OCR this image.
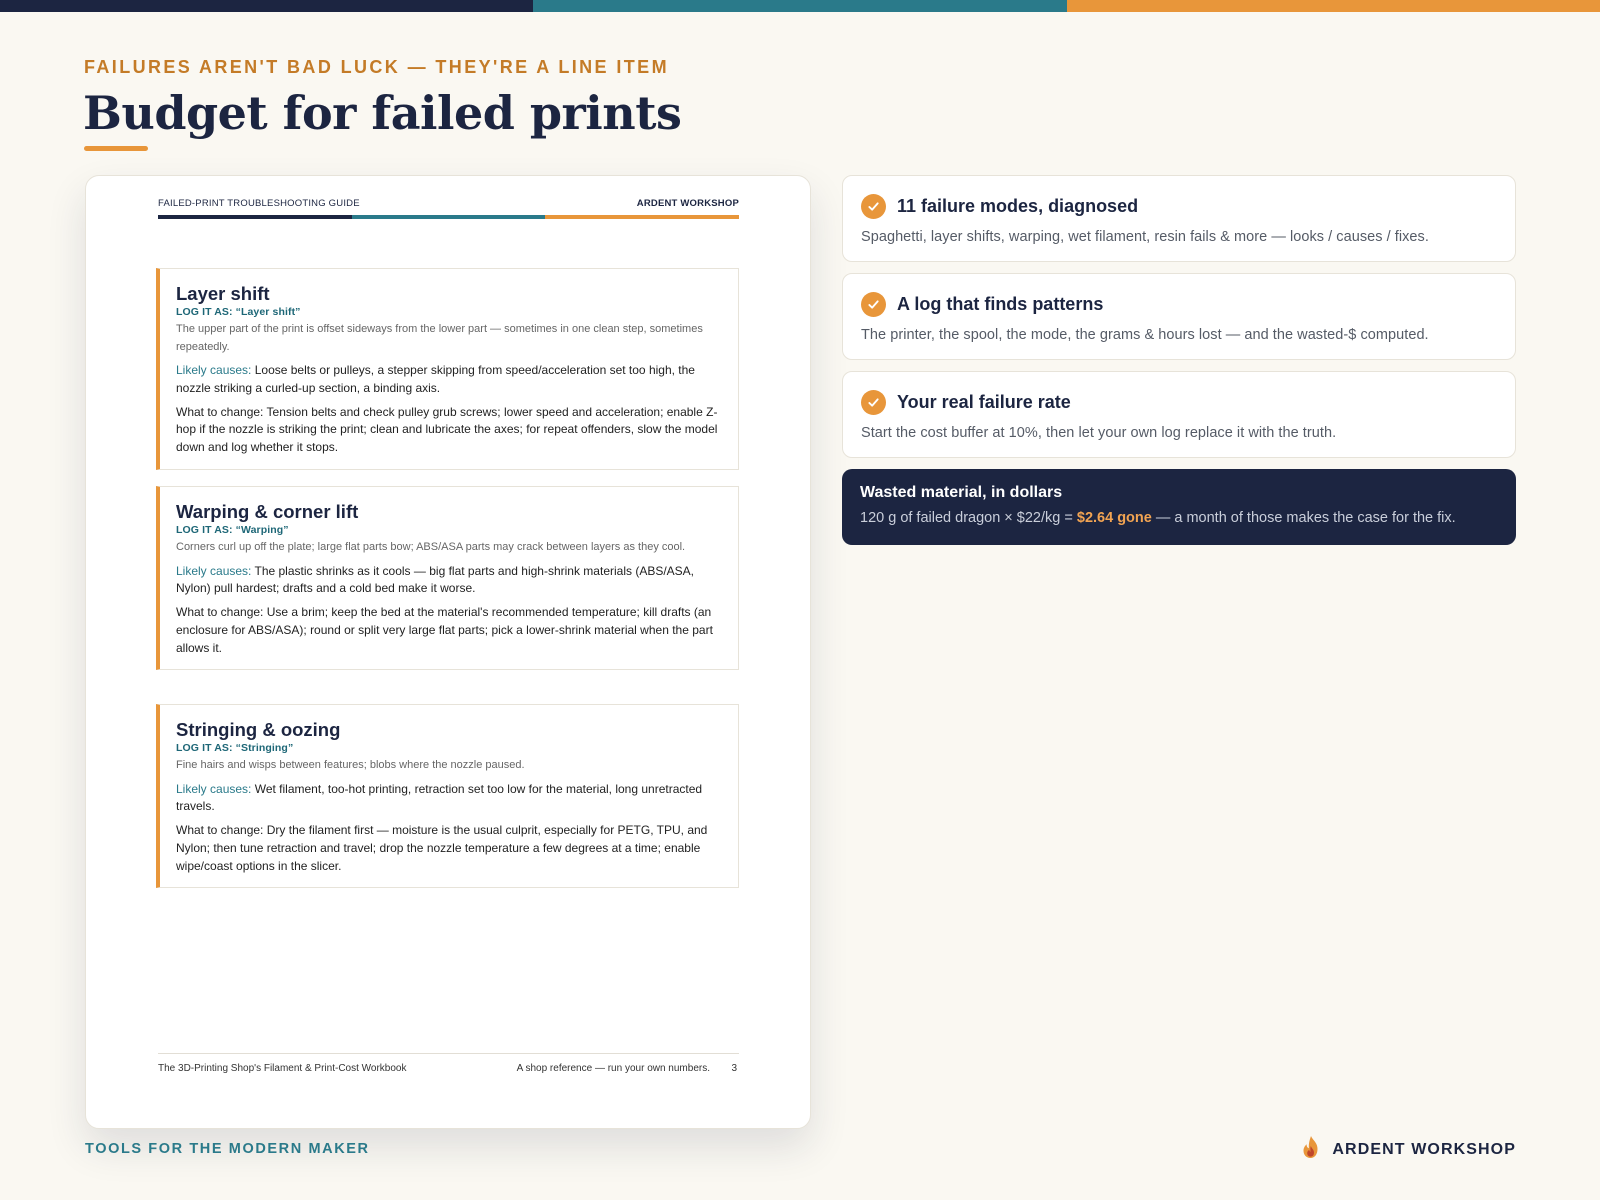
FAILURES AREN'T BAD LUCK — THEY'RE A LINE ITEM
Budget for failed prints
FAILED-PRINT TROUBLESHOOTING GUIDE	ARDENT WORKSHOP
Layer shift
LOG IT AS: “Layer shift”
The upper part of the print is offset sideways from the lower part — sometimes in one clean step, sometimes repeatedly.
Likely causes: Loose belts or pulleys, a stepper skipping from speed/acceleration set too high, the nozzle striking a curled-up section, a binding axis.
What to change: Tension belts and check pulley grub screws; lower speed and acceleration; enable Z-hop if the nozzle is striking the print; clean and lubricate the axes; for repeat offenders, slow the model down and log whether it stops.
Warping & corner lift
LOG IT AS: “Warping”
Corners curl up off the plate; large flat parts bow; ABS/ASA parts may crack between layers as they cool.
Likely causes: The plastic shrinks as it cools — big flat parts and high-shrink materials (ABS/ASA, Nylon) pull hardest; drafts and a cold bed make it worse.
What to change: Use a brim; keep the bed at the material's recommended temperature; kill drafts (an enclosure for ABS/ASA); round or split very large flat parts; pick a lower-shrink material when the part allows it.
Stringing & oozing
LOG IT AS: “Stringing”
Fine hairs and wisps between features; blobs where the nozzle paused.
Likely causes: Wet filament, too-hot printing, retraction set too low for the material, long unretracted travels.
What to change: Dry the filament first — moisture is the usual culprit, especially for PETG, TPU, and Nylon; then tune retraction and travel; drop the nozzle temperature a few degrees at a time; enable wipe/coast options in the slicer.
The 3D-Printing Shop's Filament & Print-Cost Workbook	A shop reference — run your own numbers. 3
11 failure modes, diagnosed

Spaghetti, layer shifts, warping, wet filament, resin fails & more — looks / causes / fixes.

A log that finds patterns

The printer, the spool, the mode, the grams & hours lost — and the wasted-$ computed.

Your real failure rate

Start the cost buffer at 10%, then let your own log replace it with the truth.

Wasted material, in dollars

120 g of failed dragon × $22/kg = $2.64 gone — a month of those makes the case for the fix.

TOOLS FOR THE MODERN MAKER	ARDENT WORKSHOP
